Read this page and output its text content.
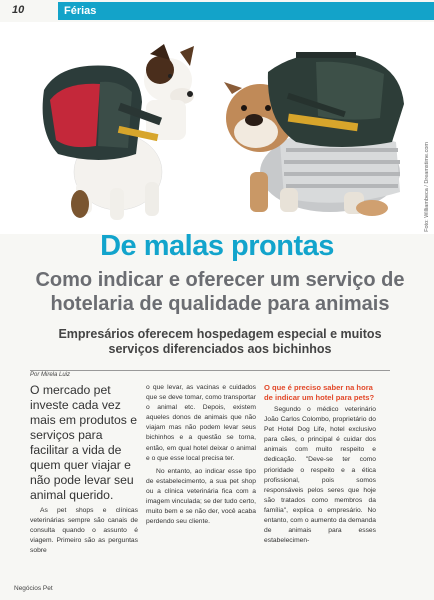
10	Férias
Foto: Williambeca / Dreamstime.com
De malas prontas
Como indicar e oferecer um serviço de hotelaria de qualidade para animais

Empresários oferecem hospedagem especial e muitos serviços diferenciados aos bichinhos

Por Mirela Luiz

O mercado pet investe cada vez mais em produtos e serviços para facilitar a vida de quem quer viajar e não pode levar seu animal querido.

As pet shops e clínicas veterinárias sempre são canais de consulta quando o assunto é viagem. Primeiro são as perguntas sobre

o que levar, as vacinas e cuidados que se deve tomar, como transportar o animal etc. Depois, existem aqueles donos de animais que não viajam mas não podem levar seus bichinhos e a questão se torna, então, em qual hotel deixar o animal e o que esse local precisa ter.

No entanto, ao indicar esse tipo de estabelecimento, a sua pet shop ou a clínica veterinária fica com a imagem vinculada; se der tudo certo, muito bem e se não der, você acaba perdendo seu cliente.

O que é preciso saber na hora de indicar um hotel para pets?

Segundo o médico veterinário João Carlos Colombo, proprietário do Pet Hotel Dog Life, hotel exclusivo para cães, o principal é cuidar dos animais com muito respeito e dedicação. "Deve-se ter como prioridade o respeito e a ética profissional, pois somos responsáveis pelos seres que hoje são tratados como membros da família", explica o empresário. No entanto, com o aumento da demanda de animais para esses estabelecimen-

Negócios Pet
